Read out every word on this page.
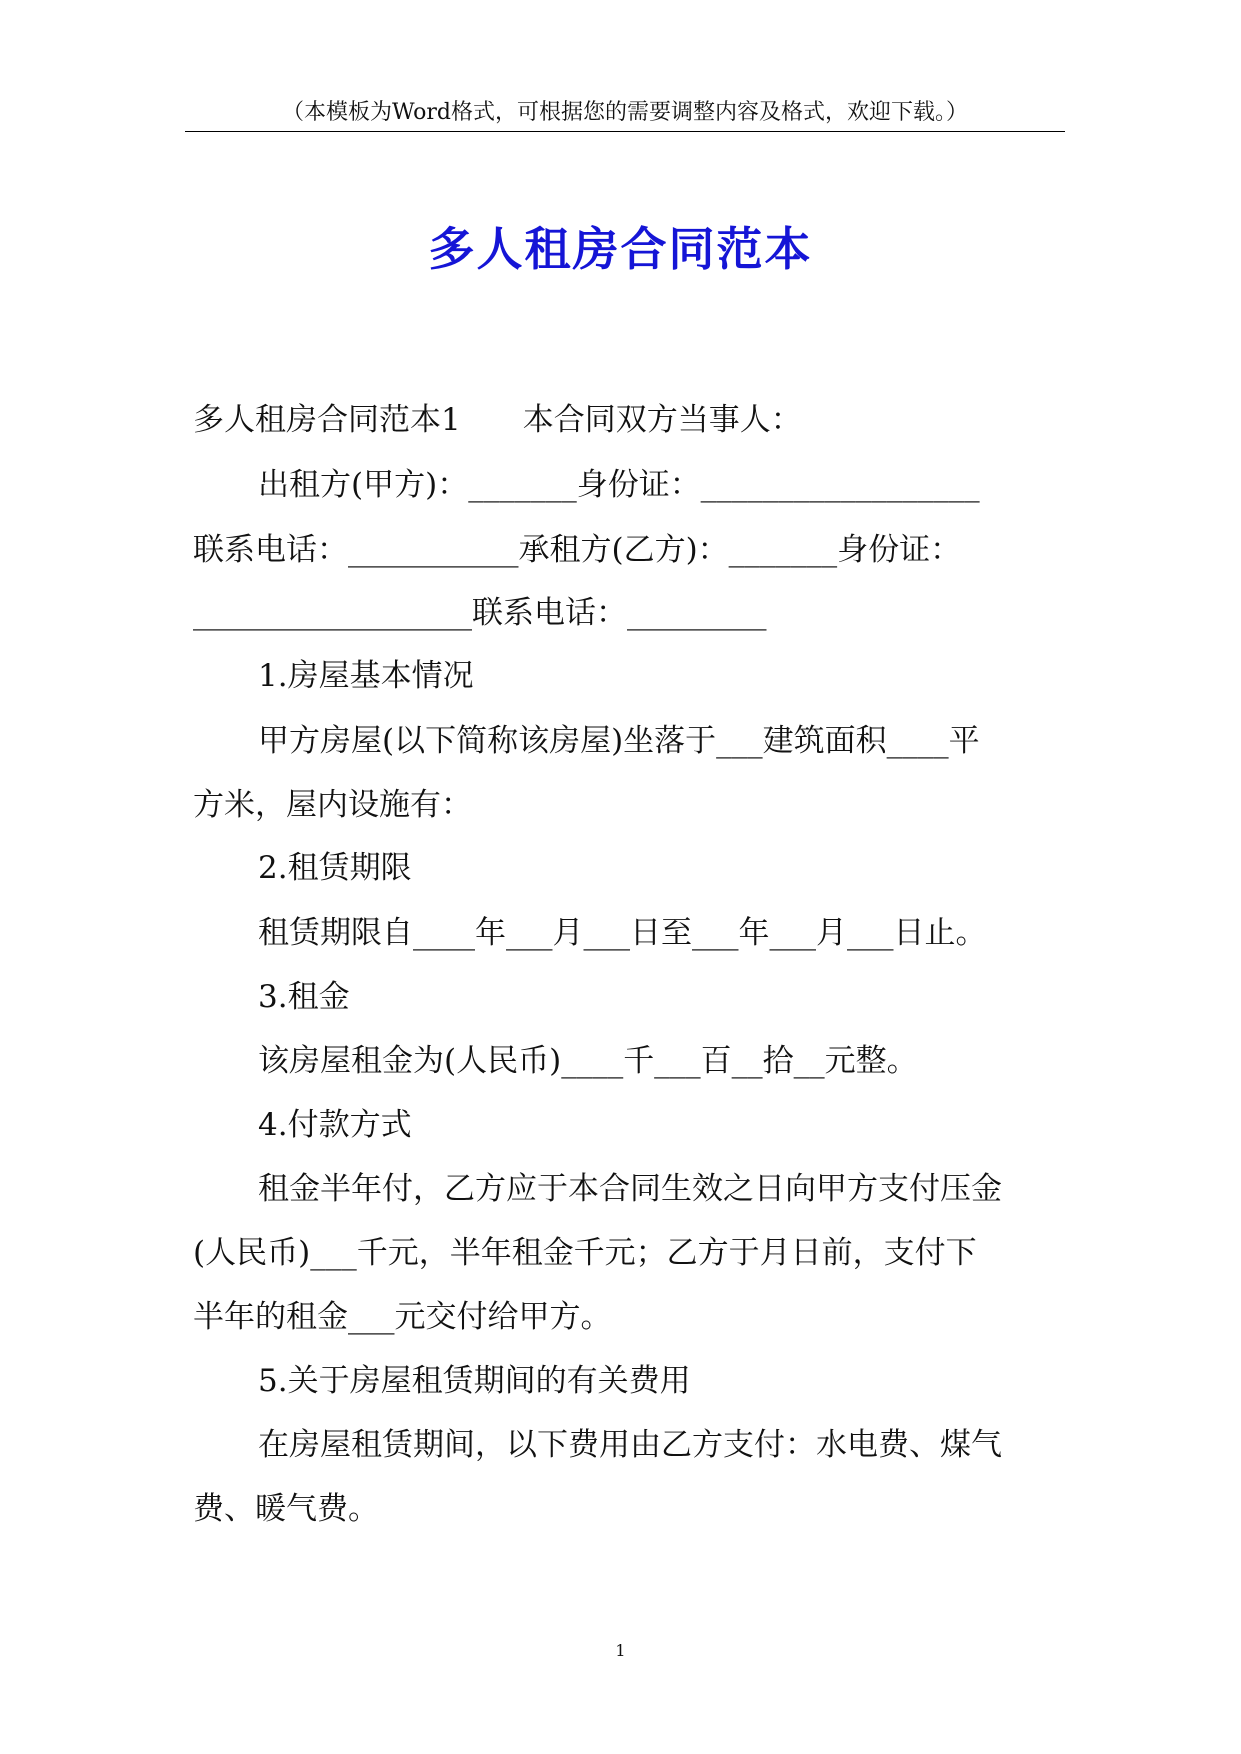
（本模板为Word格式，可根据您的需要调整内容及格式，欢迎下载。）
多人租房合同范本
多人租房合同范本1　　本合同双方当事人：
出租方(甲方)：_______身份证：__________________
联系电话：___________承租方(乙方)：_______身份证：
__________________联系电话：_________
1.房屋基本情况
甲方房屋(以下简称该房屋)坐落于___建筑面积____平
方米，屋内设施有：
2.租赁期限
租赁期限自____年___月___日至___年___月___日止。
3.租金
该房屋租金为(人民币)____千___百__拾__元整。
4.付款方式
租金半年付，乙方应于本合同生效之日向甲方支付压金
(人民币)___千元，半年租金千元；乙方于月日前，支付下
半年的租金___元交付给甲方。
5.关于房屋租赁期间的有关费用
在房屋租赁期间，以下费用由乙方支付：水电费、煤气
费、暖气费。
1
